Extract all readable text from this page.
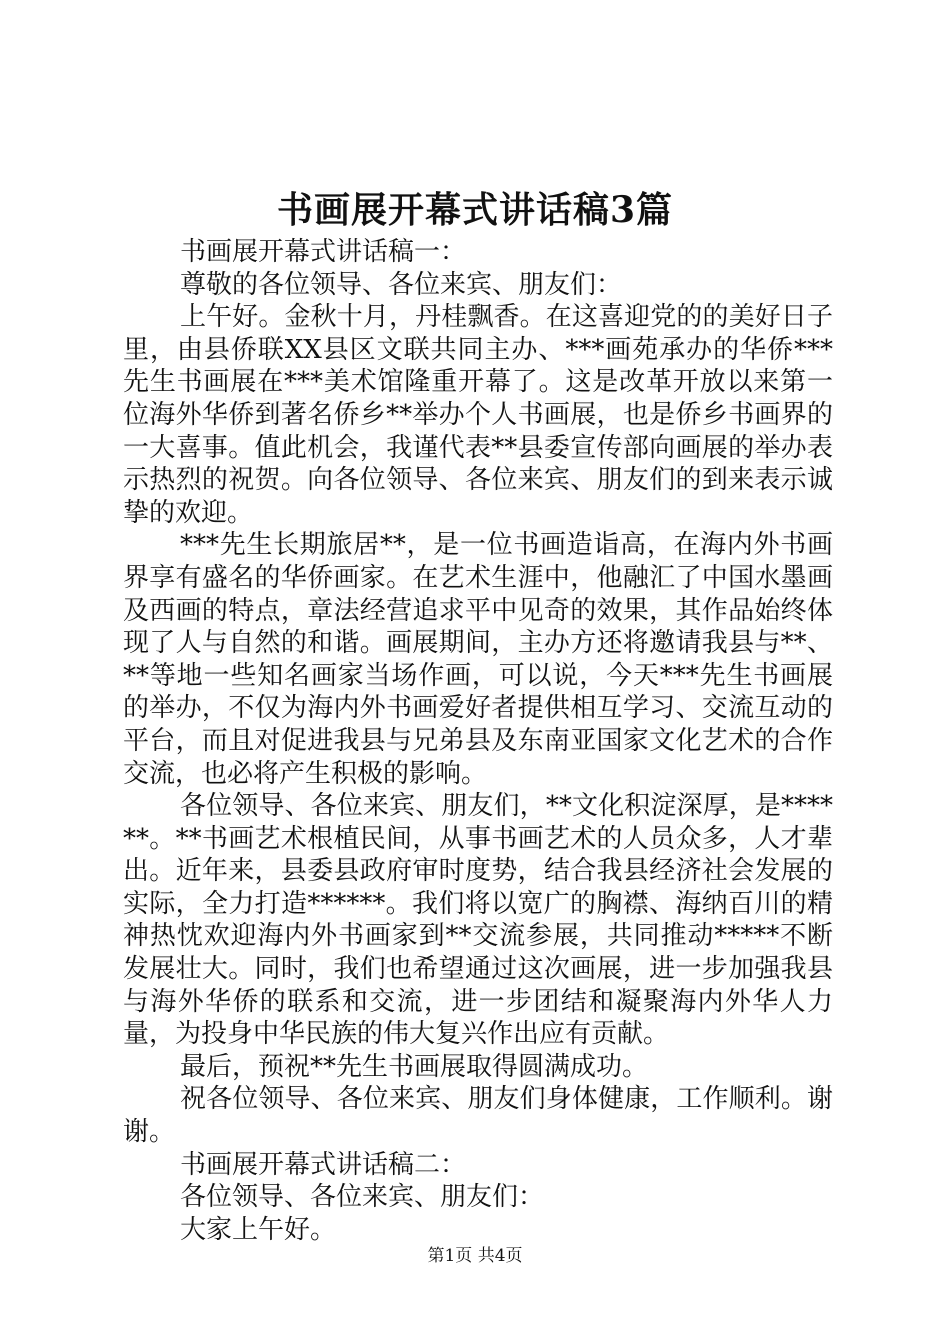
书画展开幕式讲话稿3篇

书画展开幕式讲话稿一：

尊敬的各位领导、各位来宾、朋友们：

上午好。金秋十月，丹桂飘香。在这喜迎党的的美好日子里，由县侨联XX县区文联共同主办、***画苑承办的华侨***先生书画展在***美术馆隆重开幕了。这是改革开放以来第一位海外华侨到著名侨乡**举办个人书画展，也是侨乡书画界的一大喜事。值此机会，我谨代表**县委宣传部向画展的举办表示热烈的祝贺。向各位领导、各位来宾、朋友们的到来表示诚挚的欢迎。

***先生长期旅居**，是一位书画造诣高，在海内外书画界享有盛名的华侨画家。在艺术生涯中，他融汇了中国水墨画及西画的特点，章法经营追求平中见奇的效果，其作品始终体现了人与自然的和谐。画展期间，主办方还将邀请我县与**、**等地一些知名画家当场作画，可以说，今天***先生书画展的举办，不仅为海内外书画爱好者提供相互学习、交流互动的平台，而且对促进我县与兄弟县及东南亚国家文化艺术的合作交流，也必将产生积极的影响。

各位领导、各位来宾、朋友们，**文化积淀深厚，是******。**书画艺术根植民间，从事书画艺术的人员众多，人才辈出。近年来，县委县政府审时度势，结合我县经济社会发展的实际，全力打造******。我们将以宽广的胸襟、海纳百川的精神热忱欢迎海内外书画家到**交流参展，共同推动*****不断发展壮大。同时，我们也希望通过这次画展，进一步加强我县与海外华侨的联系和交流，进一步团结和凝聚海内外华人力量，为投身中华民族的伟大复兴作出应有贡献。

最后，预祝**先生书画展取得圆满成功。

祝各位领导、各位来宾、朋友们身体健康，工作顺利。谢谢。

书画展开幕式讲话稿二：

各位领导、各位来宾、朋友们：

大家上午好。

第1页 共4页
